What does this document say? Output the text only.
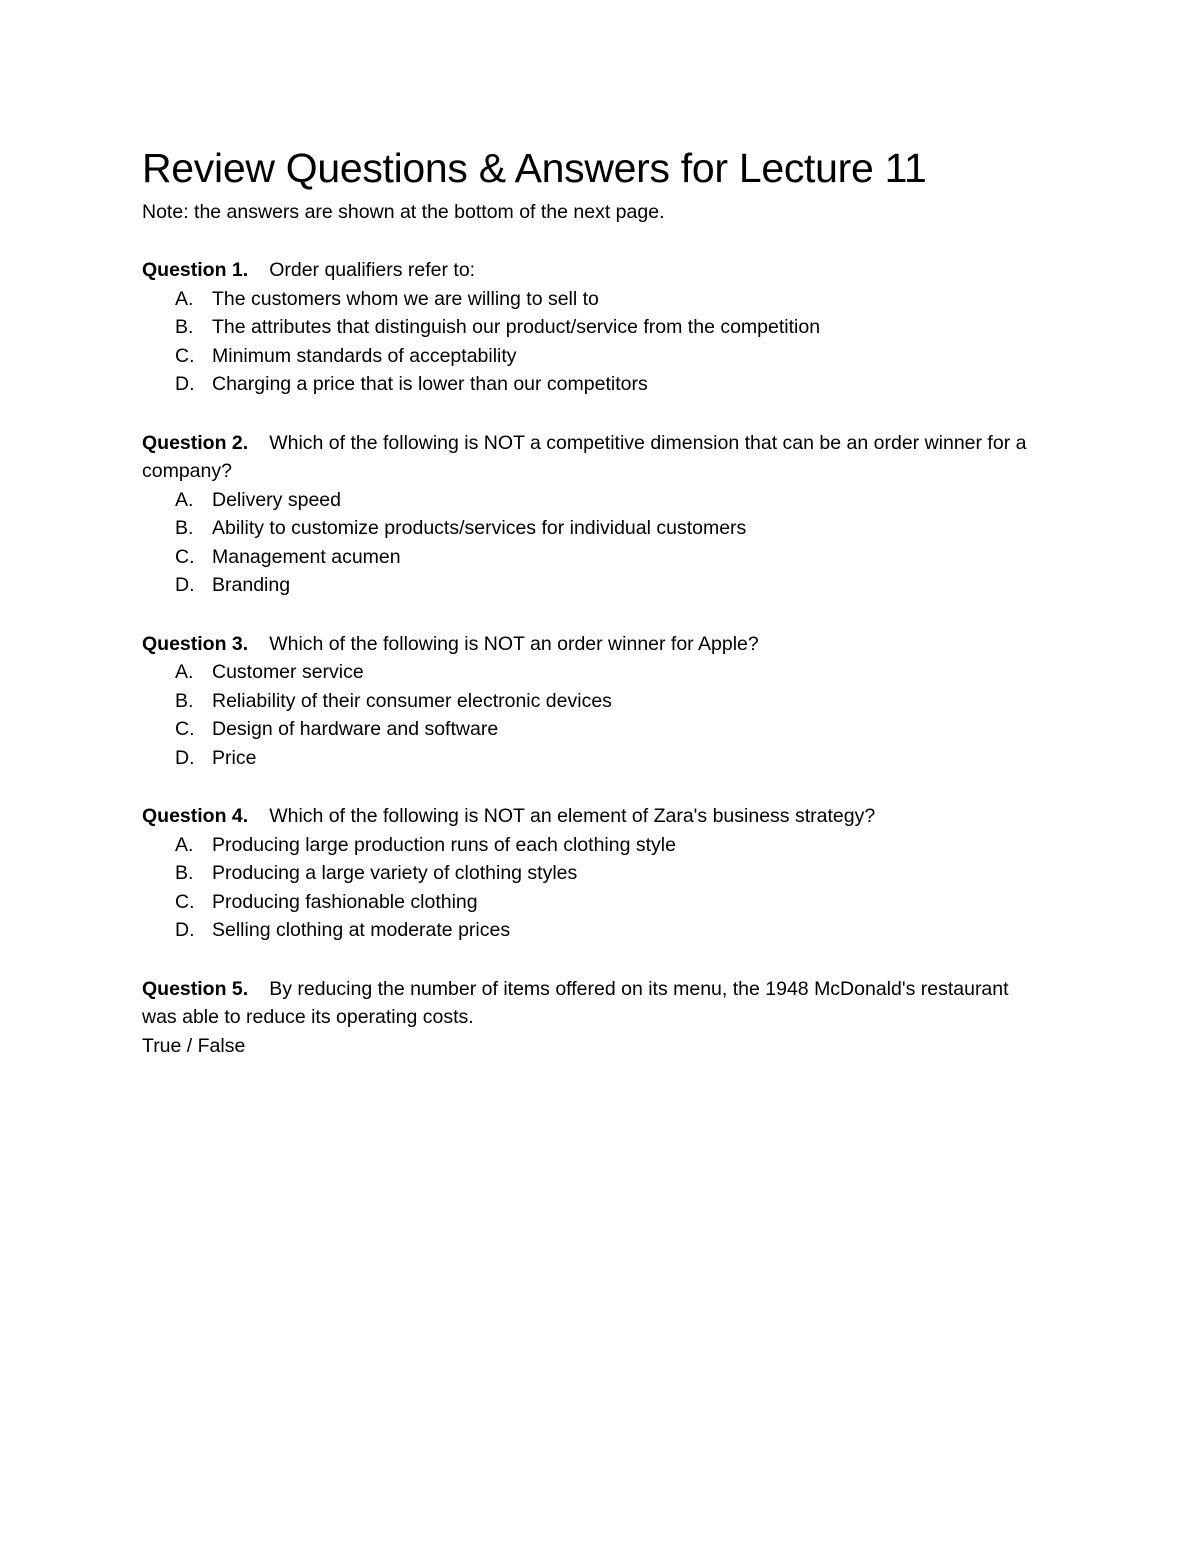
Review Questions & Answers for Lecture 11

Note: the answers are shown at the bottom of the next page.

Question 1. Order qualifiers refer to:

A. The customers whom we are willing to sell to
B. The attributes that distinguish our product/service from the competition
C. Minimum standards of acceptability
D. Charging a price that is lower than our competitors

Question 2. Which of the following is NOT a competitive dimension that can be an order winner for a company?

A. Delivery speed
B. Ability to customize products/services for individual customers
C. Management acumen
D. Branding

Question 3. Which of the following is NOT an order winner for Apple?

A. Customer service
B. Reliability of their consumer electronic devices
C. Design of hardware and software
D. Price

Question 4. Which of the following is NOT an element of Zara's business strategy?

A. Producing large production runs of each clothing style
B. Producing a large variety of clothing styles
C. Producing fashionable clothing
D. Selling clothing at moderate prices

Question 5. By reducing the number of items offered on its menu, the 1948 McDonald's restaurant was able to reduce its operating costs.

True / False
